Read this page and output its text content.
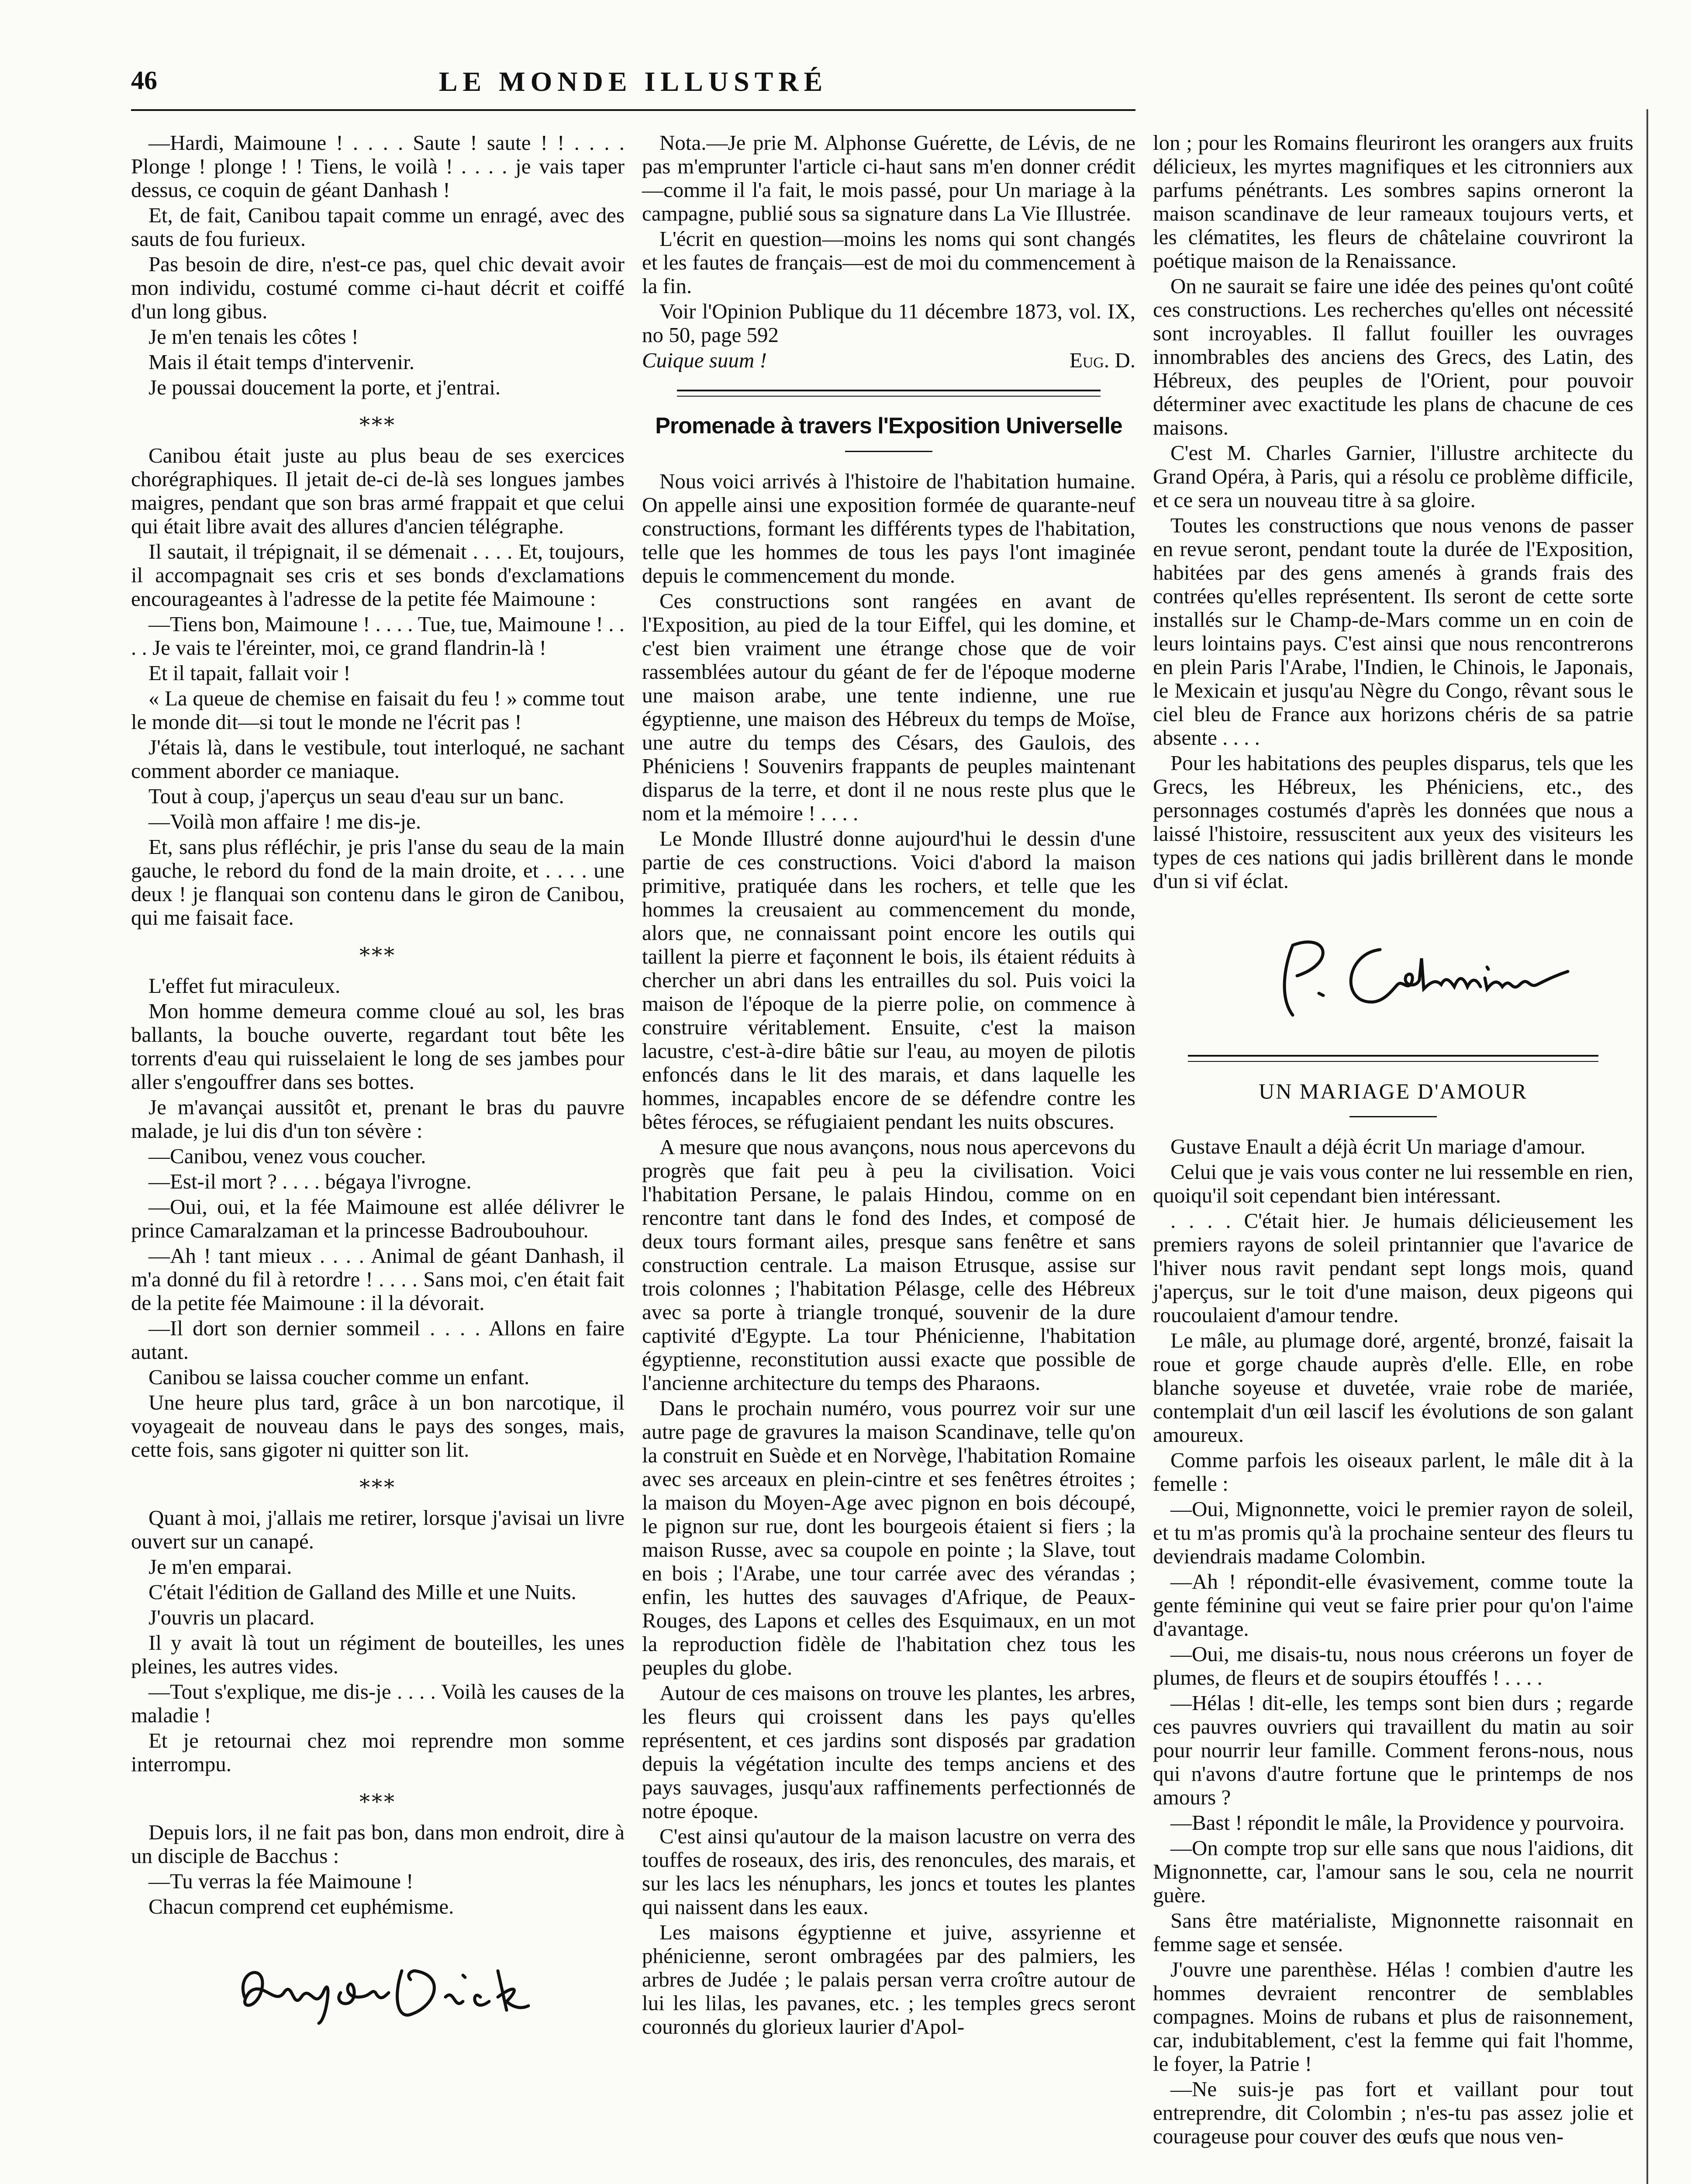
46	LE MONDE ILLUSTRÉ

—Hardi, Maimoune ! . . . . Saute ! saute ! ! . . . . Plonge ! plonge ! ! Tiens, le voilà ! . . . . je vais taper dessus, ce coquin de géant Danhash !

Et, de fait, Canibou tapait comme un enragé, avec des sauts de fou furieux.

Pas besoin de dire, n'est-ce pas, quel chic devait avoir mon individu, costumé comme ci-haut décrit et coiffé d'un long gibus.

Je m'en tenais les côtes !

Mais il était temps d'intervenir.

Je poussai doucement la porte, et j'entrai.

⁎⁎⁎

Canibou était juste au plus beau de ses exercices chorégraphiques. Il jetait de-ci de-là ses longues jambes maigres, pendant que son bras armé frappait et que celui qui était libre avait des allures d'ancien télégraphe.

Il sautait, il trépignait, il se démenait . . . . Et, toujours, il accompagnait ses cris et ses bonds d'exclamations encourageantes à l'adresse de la petite fée Maimoune :

—Tiens bon, Maimoune ! . . . . Tue, tue, Maimoune ! . . . . Je vais te l'éreinter, moi, ce grand flandrin-là !

Et il tapait, fallait voir !

« La queue de chemise en faisait du feu ! » comme tout le monde dit—si tout le monde ne l'écrit pas !

J'étais là, dans le vestibule, tout interloqué, ne sachant comment aborder ce maniaque.

Tout à coup, j'aperçus un seau d'eau sur un banc.

—Voilà mon affaire ! me dis-je.

Et, sans plus réfléchir, je pris l'anse du seau de la main gauche, le rebord du fond de la main droite, et . . . . une deux ! je flanquai son contenu dans le giron de Canibou, qui me faisait face.

⁎⁎⁎

L'effet fut miraculeux.

Mon homme demeura comme cloué au sol, les bras ballants, la bouche ouverte, regardant tout bête les torrents d'eau qui ruisselaient le long de ses jambes pour aller s'engouffrer dans ses bottes.

Je m'avançai aussitôt et, prenant le bras du pauvre malade, je lui dis d'un ton sévère :

—Canibou, venez vous coucher.

—Est-il mort ? . . . . bégaya l'ivrogne.

—Oui, oui, et la fée Maimoune est allée délivrer le prince Camaralzaman et la princesse Badroubouhour.

—Ah ! tant mieux . . . . Animal de géant Danhash, il m'a donné du fil à retordre ! . . . . Sans moi, c'en était fait de la petite fée Maimoune : il la dévorait.

—Il dort son dernier sommeil . . . . Allons en faire autant.

Canibou se laissa coucher comme un enfant.

Une heure plus tard, grâce à un bon narcotique, il voyageait de nouveau dans le pays des songes, mais, cette fois, sans gigoter ni quitter son lit.

⁎⁎⁎

Quant à moi, j'allais me retirer, lorsque j'avisai un livre ouvert sur un canapé.

Je m'en emparai.

C'était l'édition de Galland des Mille et une Nuits.

J'ouvris un placard.

Il y avait là tout un régiment de bouteilles, les unes pleines, les autres vides.

—Tout s'explique, me dis-je . . . . Voilà les causes de la maladie !

Et je retournai chez moi reprendre mon somme interrompu.

⁎⁎⁎

Depuis lors, il ne fait pas bon, dans mon endroit, dire à un disciple de Bacchus :

—Tu verras la fée Maimoune !

Chacun comprend cet euphémisme.

Nota.—Je prie M. Alphonse Guérette, de Lévis, de ne pas m'emprunter l'article ci-haut sans m'en donner crédit—comme il l'a fait, le mois passé, pour Un mariage à la campagne, publié sous sa signature dans La Vie Illustrée.

L'écrit en question—moins les noms qui sont changés et les fautes de français—est de moi du commencement à la fin.

Voir l'Opinion Publique du 11 décembre 1873, vol. IX, no 50, page 592

Cuique suum !	Eug. D.
Promenade à travers l'Exposition Universelle

Nous voici arrivés à l'histoire de l'habitation humaine. On appelle ainsi une exposition formée de quarante-neuf constructions, formant les différents types de l'habitation, telle que les hommes de tous les pays l'ont imaginée depuis le commencement du monde.

Ces constructions sont rangées en avant de l'Exposition, au pied de la tour Eiffel, qui les domine, et c'est bien vraiment une étrange chose que de voir rassemblées autour du géant de fer de l'époque moderne une maison arabe, une tente indienne, une rue égyptienne, une maison des Hébreux du temps de Moïse, une autre du temps des Césars, des Gaulois, des Phéniciens ! Souvenirs frappants de peuples maintenant disparus de la terre, et dont il ne nous reste plus que le nom et la mémoire ! . . . .

Le Monde Illustré donne aujourd'hui le dessin d'une partie de ces constructions. Voici d'abord la maison primitive, pratiquée dans les rochers, et telle que les hommes la creusaient au commencement du monde, alors que, ne connaissant point encore les outils qui taillent la pierre et façonnent le bois, ils étaient réduits à chercher un abri dans les entrailles du sol. Puis voici la maison de l'époque de la pierre polie, on commence à construire véritablement. Ensuite, c'est la maison lacustre, c'est-à-dire bâtie sur l'eau, au moyen de pilotis enfoncés dans le lit des marais, et dans laquelle les hommes, incapables encore de se défendre contre les bêtes féroces, se réfugiaient pendant les nuits obscures.

A mesure que nous avançons, nous nous apercevons du progrès que fait peu à peu la civilisation. Voici l'habitation Persane, le palais Hindou, comme on en rencontre tant dans le fond des Indes, et composé de deux tours formant ailes, presque sans fenêtre et sans construction centrale. La maison Etrusque, assise sur trois colonnes ; l'habitation Pélasge, celle des Hébreux avec sa porte à triangle tronqué, souvenir de la dure captivité d'Egypte. La tour Phénicienne, l'habitation égyptienne, reconstitution aussi exacte que possible de l'ancienne architecture du temps des Pharaons.

Dans le prochain numéro, vous pourrez voir sur une autre page de gravures la maison Scandinave, telle qu'on la construit en Suède et en Norvège, l'habitation Romaine avec ses arceaux en plein-cintre et ses fenêtres étroites ; la maison du Moyen-Age avec pignon en bois découpé, le pignon sur rue, dont les bourgeois étaient si fiers ; la maison Russe, avec sa coupole en pointe ; la Slave, tout en bois ; l'Arabe, une tour carrée avec des vérandas ; enfin, les huttes des sauvages d'Afrique, de Peaux-Rouges, des Lapons et celles des Esquimaux, en un mot la reproduction fidèle de l'habitation chez tous les peuples du globe.

Autour de ces maisons on trouve les plantes, les arbres, les fleurs qui croissent dans les pays qu'elles représentent, et ces jardins sont disposés par gradation depuis la végétation inculte des temps anciens et des pays sauvages, jusqu'aux raffinements perfectionnés de notre époque.

C'est ainsi qu'autour de la maison lacustre on verra des touffes de roseaux, des iris, des renoncules, des marais, et sur les lacs les nénuphars, les joncs et toutes les plantes qui naissent dans les eaux.

Les maisons égyptienne et juive, assyrienne et phénicienne, seront ombragées par des palmiers, les arbres de Judée ; le palais persan verra croître autour de lui les lilas, les pavanes, etc. ; les temples grecs seront couronnés du glorieux laurier d'Apol-

lon ; pour les Romains fleuriront les orangers aux fruits délicieux, les myrtes magnifiques et les citronniers aux parfums pénétrants. Les sombres sapins orneront la maison scandinave de leur rameaux toujours verts, et les clématites, les fleurs de châtelaine couvriront la poétique maison de la Renaissance.

On ne saurait se faire une idée des peines qu'ont coûté ces constructions. Les recherches qu'elles ont nécessité sont incroyables. Il fallut fouiller les ouvrages innombrables des anciens des Grecs, des Latin, des Hébreux, des peuples de l'Orient, pour pouvoir déterminer avec exactitude les plans de chacune de ces maisons.

C'est M. Charles Garnier, l'illustre architecte du Grand Opéra, à Paris, qui a résolu ce problème difficile, et ce sera un nouveau titre à sa gloire.

Toutes les constructions que nous venons de passer en revue seront, pendant toute la durée de l'Exposition, habitées par des gens amenés à grands frais des contrées qu'elles représentent. Ils seront de cette sorte installés sur le Champ-de-Mars comme un en coin de leurs lointains pays. C'est ainsi que nous rencontrerons en plein Paris l'Arabe, l'Indien, le Chinois, le Japonais, le Mexicain et jusqu'au Nègre du Congo, rêvant sous le ciel bleu de France aux horizons chéris de sa patrie absente . . . .

Pour les habitations des peuples disparus, tels que les Grecs, les Hébreux, les Phéniciens, etc., des personnages costumés d'après les données que nous a laissé l'histoire, ressuscitent aux yeux des visiteurs les types de ces nations qui jadis brillèrent dans le monde d'un si vif éclat.

UN MARIAGE D'AMOUR

Gustave Enault a déjà écrit Un mariage d'amour.

Celui que je vais vous conter ne lui ressemble en rien, quoiqu'il soit cependant bien intéressant.

. . . . C'était hier. Je humais délicieusement les premiers rayons de soleil printannier que l'avarice de l'hiver nous ravit pendant sept longs mois, quand j'aperçus, sur le toit d'une maison, deux pigeons qui roucoulaient d'amour tendre.

Le mâle, au plumage doré, argenté, bronzé, faisait la roue et gorge chaude auprès d'elle. Elle, en robe blanche soyeuse et duvetée, vraie robe de mariée, contemplait d'un œil lascif les évolutions de son galant amoureux.

Comme parfois les oiseaux parlent, le mâle dit à la femelle :

—Oui, Mignonnette, voici le premier rayon de soleil, et tu m'as promis qu'à la prochaine senteur des fleurs tu deviendrais madame Colombin.

—Ah ! répondit-elle évasivement, comme toute la gente féminine qui veut se faire prier pour qu'on l'aime d'avantage.

—Oui, me disais-tu, nous nous créerons un foyer de plumes, de fleurs et de soupirs étouffés ! . . . .

—Hélas ! dit-elle, les temps sont bien durs ; regarde ces pauvres ouvriers qui travaillent du matin au soir pour nourrir leur famille. Comment ferons-nous, nous qui n'avons d'autre fortune que le printemps de nos amours ?

—Bast ! répondit le mâle, la Providence y pourvoira.

—On compte trop sur elle sans que nous l'aidions, dit Mignonnette, car, l'amour sans le sou, cela ne nourrit guère.

Sans être matérialiste, Mignonnette raisonnait en femme sage et sensée.

J'ouvre une parenthèse. Hélas ! combien d'autre les hommes devraient rencontrer de semblables compagnes. Moins de rubans et plus de raisonnement, car, indubitablement, c'est la femme qui fait l'homme, le foyer, la Patrie !

—Ne suis-je pas fort et vaillant pour tout entreprendre, dit Colombin ; n'es-tu pas assez jolie et courageuse pour couver des œufs que nous ven-
